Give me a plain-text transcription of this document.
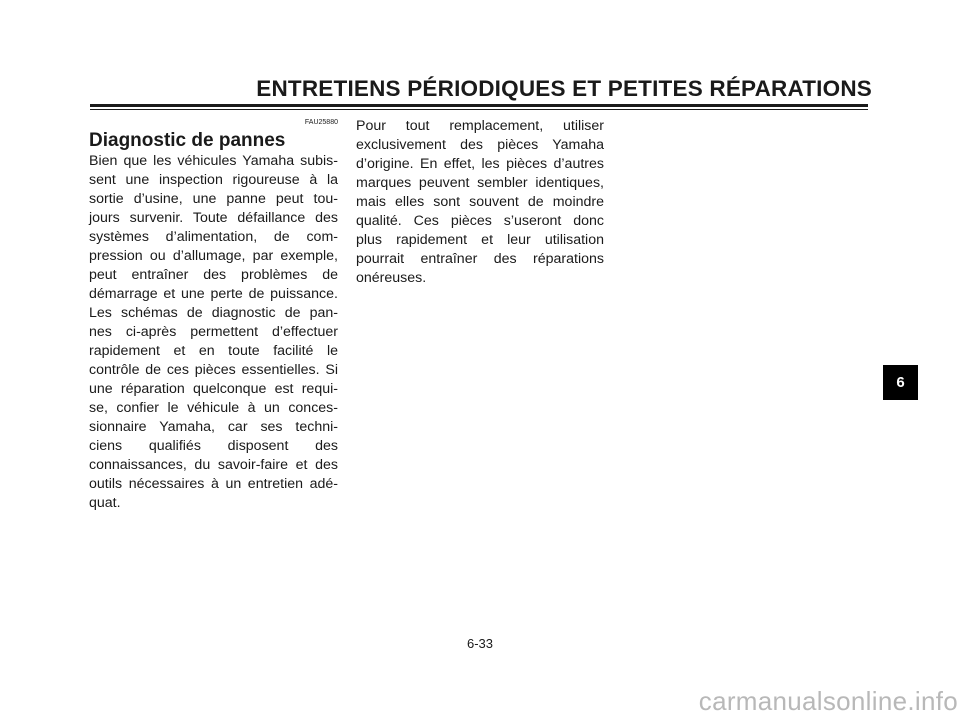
ENTRETIENS PÉRIODIQUES ET PETITES RÉPARATIONS
FAU25880
Diagnostic de pannes
Bien que les véhicules Yamaha subis-
sent une inspection rigoureuse à la
sortie d’usine, une panne peut tou-
jours survenir. Toute défaillance des
systèmes d’alimentation, de com-
pression ou d’allumage, par exemple,
peut entraîner des problèmes de
démarrage et une perte de puissance.
Les schémas de diagnostic de pan-
nes ci-après permettent d’effectuer
rapidement et en toute facilité le
contrôle de ces pièces essentielles. Si
une réparation quelconque est requi-
se, confier le véhicule à un conces-
sionnaire Yamaha, car ses techni-
ciens qualifiés disposent des
connaissances, du savoir-faire et des
outils nécessaires à un entretien adé-
quat.
Pour tout remplacement, utiliser
exclusivement des pièces Yamaha
d’origine. En effet, les pièces d’autres
marques peuvent sembler identiques,
mais elles sont souvent de moindre
qualité. Ces pièces s’useront donc
plus rapidement et leur utilisation
pourrait entraîner des réparations
onéreuses.
6
6-33
carmanualsonline.info
